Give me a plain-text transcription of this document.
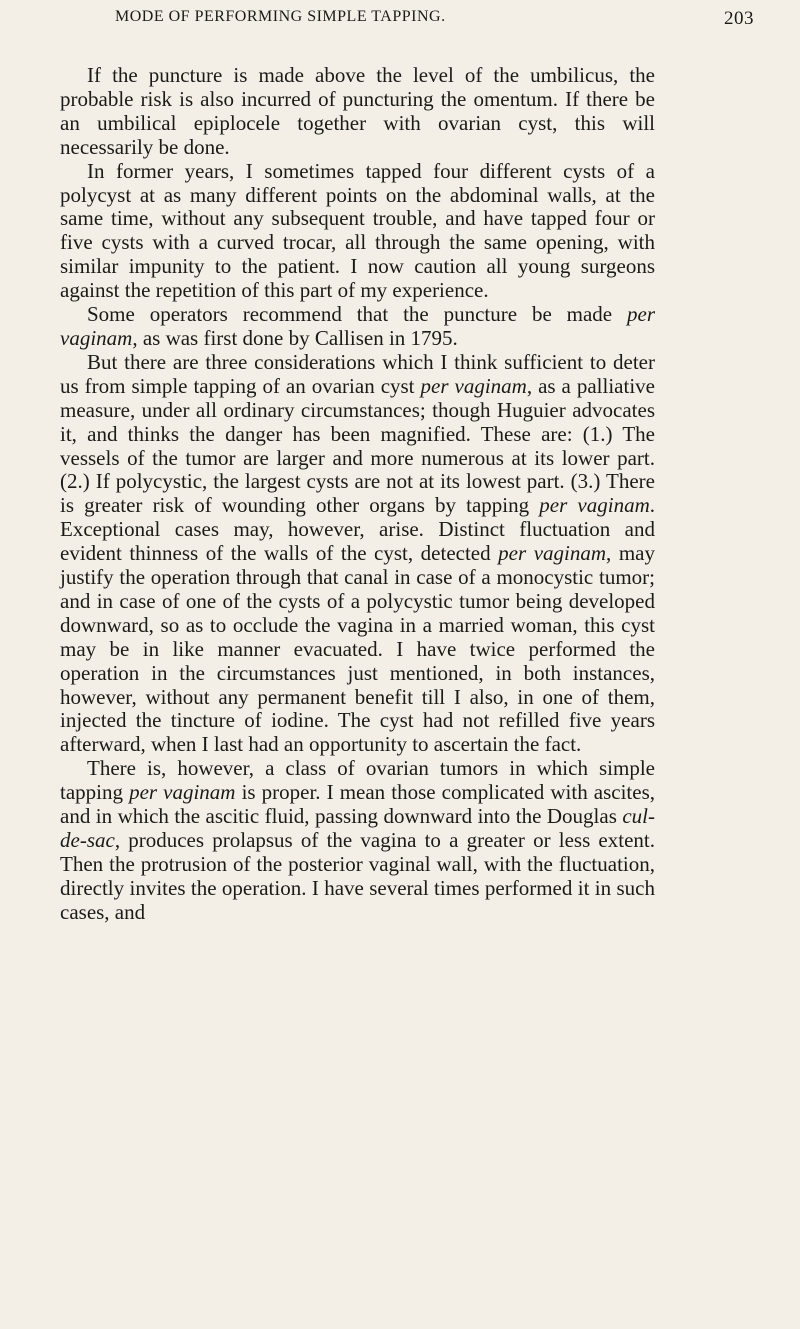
MODE OF PERFORMING SIMPLE TAPPING.	203

If the puncture is made above the level of the umbilicus, the probable risk is also incurred of puncturing the omentum. If there be an umbilical epiplocele together with ovarian cyst, this will necessarily be done.

In former years, I sometimes tapped four different cysts of a polycyst at as many different points on the abdominal walls, at the same time, without any subsequent trouble, and have tapped four or five cysts with a curved trocar, all through the same opening, with similar impunity to the patient. I now caution all young surgeons against the repetition of this part of my experience.

Some operators recommend that the puncture be made per vaginam, as was first done by Callisen in 1795.

But there are three considerations which I think sufficient to deter us from simple tapping of an ovarian cyst per vaginam, as a palliative measure, under all ordinary circumstances; though Huguier advocates it, and thinks the danger has been magnified. These are: (1.) The vessels of the tumor are larger and more numerous at its lower part. (2.) If polycystic, the largest cysts are not at its lowest part. (3.) There is greater risk of wounding other organs by tapping per vaginam. Exceptional cases may, however, arise. Distinct fluctuation and evident thinness of the walls of the cyst, detected per vaginam, may justify the operation through that canal in case of a monocystic tumor; and in case of one of the cysts of a polycystic tumor being developed downward, so as to occlude the vagina in a married woman, this cyst may be in like manner evacuated. I have twice performed the operation in the circumstances just mentioned, in both instances, however, without any permanent benefit till I also, in one of them, injected the tincture of iodine. The cyst had not refilled five years afterward, when I last had an opportunity to ascertain the fact.

There is, however, a class of ovarian tumors in which simple tapping per vaginam is proper. I mean those complicated with ascites, and in which the ascitic fluid, passing downward into the Douglas cul-de-sac, produces prolapsus of the vagina to a greater or less extent. Then the protrusion of the posterior vaginal wall, with the fluctuation, directly invites the operation. I have several times performed it in such cases, and
